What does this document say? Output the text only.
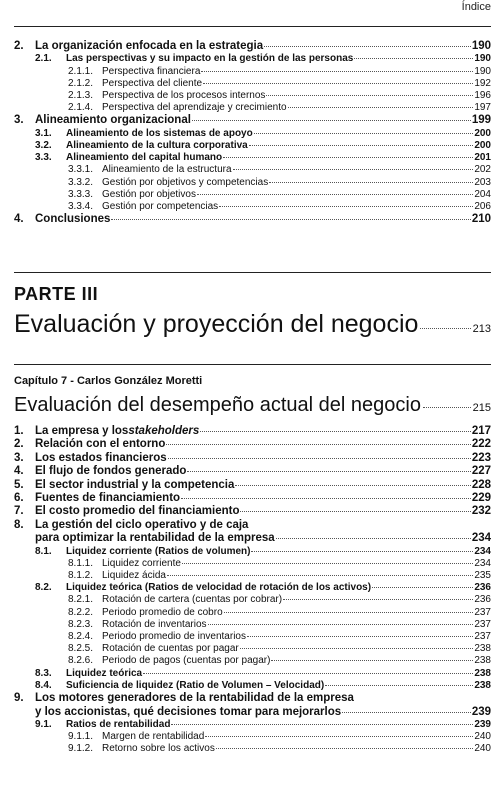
Índice
2. La organización enfocada en la estrategia	190
2.1.	Las perspectivas y su impacto en la gestión de las personas	190
2.1.1. Perspectiva financiera	190
2.1.2. Perspectiva del cliente	192
2.1.3. Perspectiva de los procesos internos	196
2.1.4. Perspectiva del aprendizaje y crecimiento	197
3. Alineamiento organizacional	199
3.1.	Alineamiento de los sistemas de apoyo	200
3.2.	Alineamiento de la cultura corporativa	200
3.3.	Alineamiento del capital humano	201
3.3.1. Alineamiento de la estructura	202
3.3.2. Gestión por objetivos y competencias	203
3.3.3. Gestión por objetivos	204
3.3.4. Gestión por competencias	206
4. Conclusiones	210
PARTE III
Evaluación y proyección del negocio	213
Capítulo 7 - Carlos González Moretti
Evaluación del desempeño actual del negocio	215
1. La empresa y los stakeholders	217
2. Relación con el entorno	222
3. Los estados financieros	223
4. El flujo de fondos generado	227
5. El sector industrial y la competencia	228
6. Fuentes de financiamiento	229
7. El costo promedio del financiamiento	232
8. La gestión del ciclo operativo y de caja
para optimizar la rentabilidad de la empresa	234
8.1.	Liquidez corriente (Ratios de volumen)	234
8.1.1. Liquidez corriente	234
8.1.2. Liquidez ácida	235
8.2.	Liquidez teórica (Ratios de velocidad de rotación de los activos)	236
8.2.1. Rotación de cartera (cuentas por cobrar)	236
8.2.2. Periodo promedio de cobro	237
8.2.3. Rotación de inventarios	237
8.2.4. Periodo promedio de inventarios	237
8.2.5. Rotación de cuentas por pagar	238
8.2.6. Periodo de pagos (cuentas por pagar)	238
8.3.	Liquidez teórica	238
8.4.	Suficiencia de liquidez (Ratio de Volumen – Velocidad)	238
9. Los motores generadores de la rentabilidad de la empresa
y los accionistas, qué decisiones tomar para mejorarlos	239
9.1.	Ratios de rentabilidad	239
9.1.1. Margen de rentabilidad	240
9.1.2. Retorno sobre los activos	240
